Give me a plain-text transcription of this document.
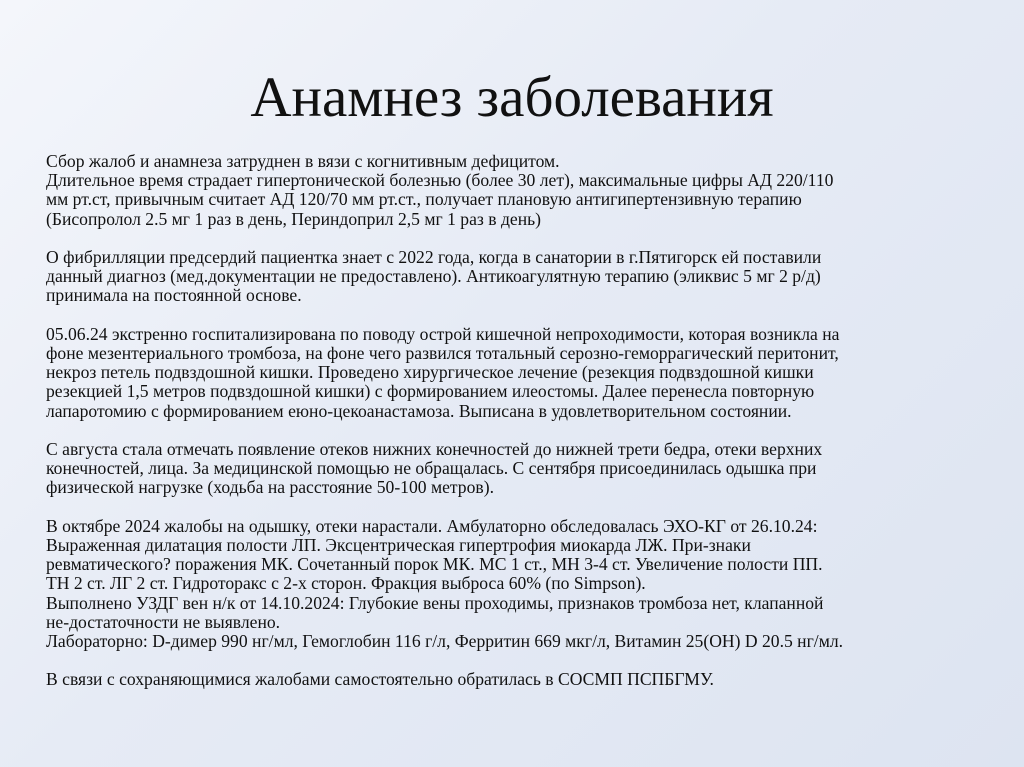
Анамнез заболевания

Сбор жалоб и анамнеза затруднен в вязи с когнитивным дефицитом.
Длительное время страдает гипертонической болезнью (более 30 лет), максимальные цифры АД 220/110
мм рт.ст, привычным считает АД 120/70 мм рт.ст., получает плановую антигипертензивную терапию
(Бисопролол 2.5 мг 1 раз в день, Периндоприл 2,5 мг 1 раз в день)

О фибрилляции предсердий пациентка знает с 2022 года, когда в санатории в г.Пятигорск ей поставили
данный диагноз (мед.документации не предоставлено). Антикоагулятную терапию (эликвис 5 мг 2 р/д)
принимала на постоянной основе.

05.06.24 экстренно госпитализирована по поводу острой кишечной непроходимости, которая возникла на
фоне мезентериального тромбоза, на фоне чего развился тотальный серозно-геморрагический перитонит,
некроз петель подвздошной кишки. Проведено хирургическое лечение (резекция подвздошной кишки
резекцией 1,5 метров подвздошной кишки) с формированием илеостомы. Далее перенесла повторную
лапаротомию с формированием еюно-цекоанастамоза. Выписана в удовлетворительном состоянии.

С августа стала отмечать появление отеков нижних конечностей до нижней трети бедра, отеки верхних
конечностей, лица. За медицинской помощью не обращалась. С сентября присоединилась одышка при
физической нагрузке (ходьба на расстояние 50-100 метров).

В октябре 2024 жалобы на одышку, отеки нарастали. Амбулаторно обследовалась ЭХО-КГ от 26.10.24:
Выраженная дилатация полости ЛП. Эксцентрическая гипертрофия миокарда ЛЖ. При-знаки
ревматического? поражения МК. Сочетанный порок МК. МС 1 ст., МН 3-4 ст. Увеличение полости ПП.
ТН 2 ст. ЛГ 2 ст. Гидроторакс с 2-х сторон. Фракция выброса 60% (по Simpson).
Выполнено УЗДГ вен н/к от 14.10.2024: Глубокие вены проходимы, признаков тромбоза нет, клапанной
не-достаточности не выявлено.
Лабораторно: D-димер 990 нг/мл, Гемоглобин 116 г/л, Ферритин 669 мкг/л, Витамин 25(OH) D 20.5 нг/мл.

В связи с сохраняющимися жалобами самостоятельно обратилась в СОСМП ПСПБГМУ.
